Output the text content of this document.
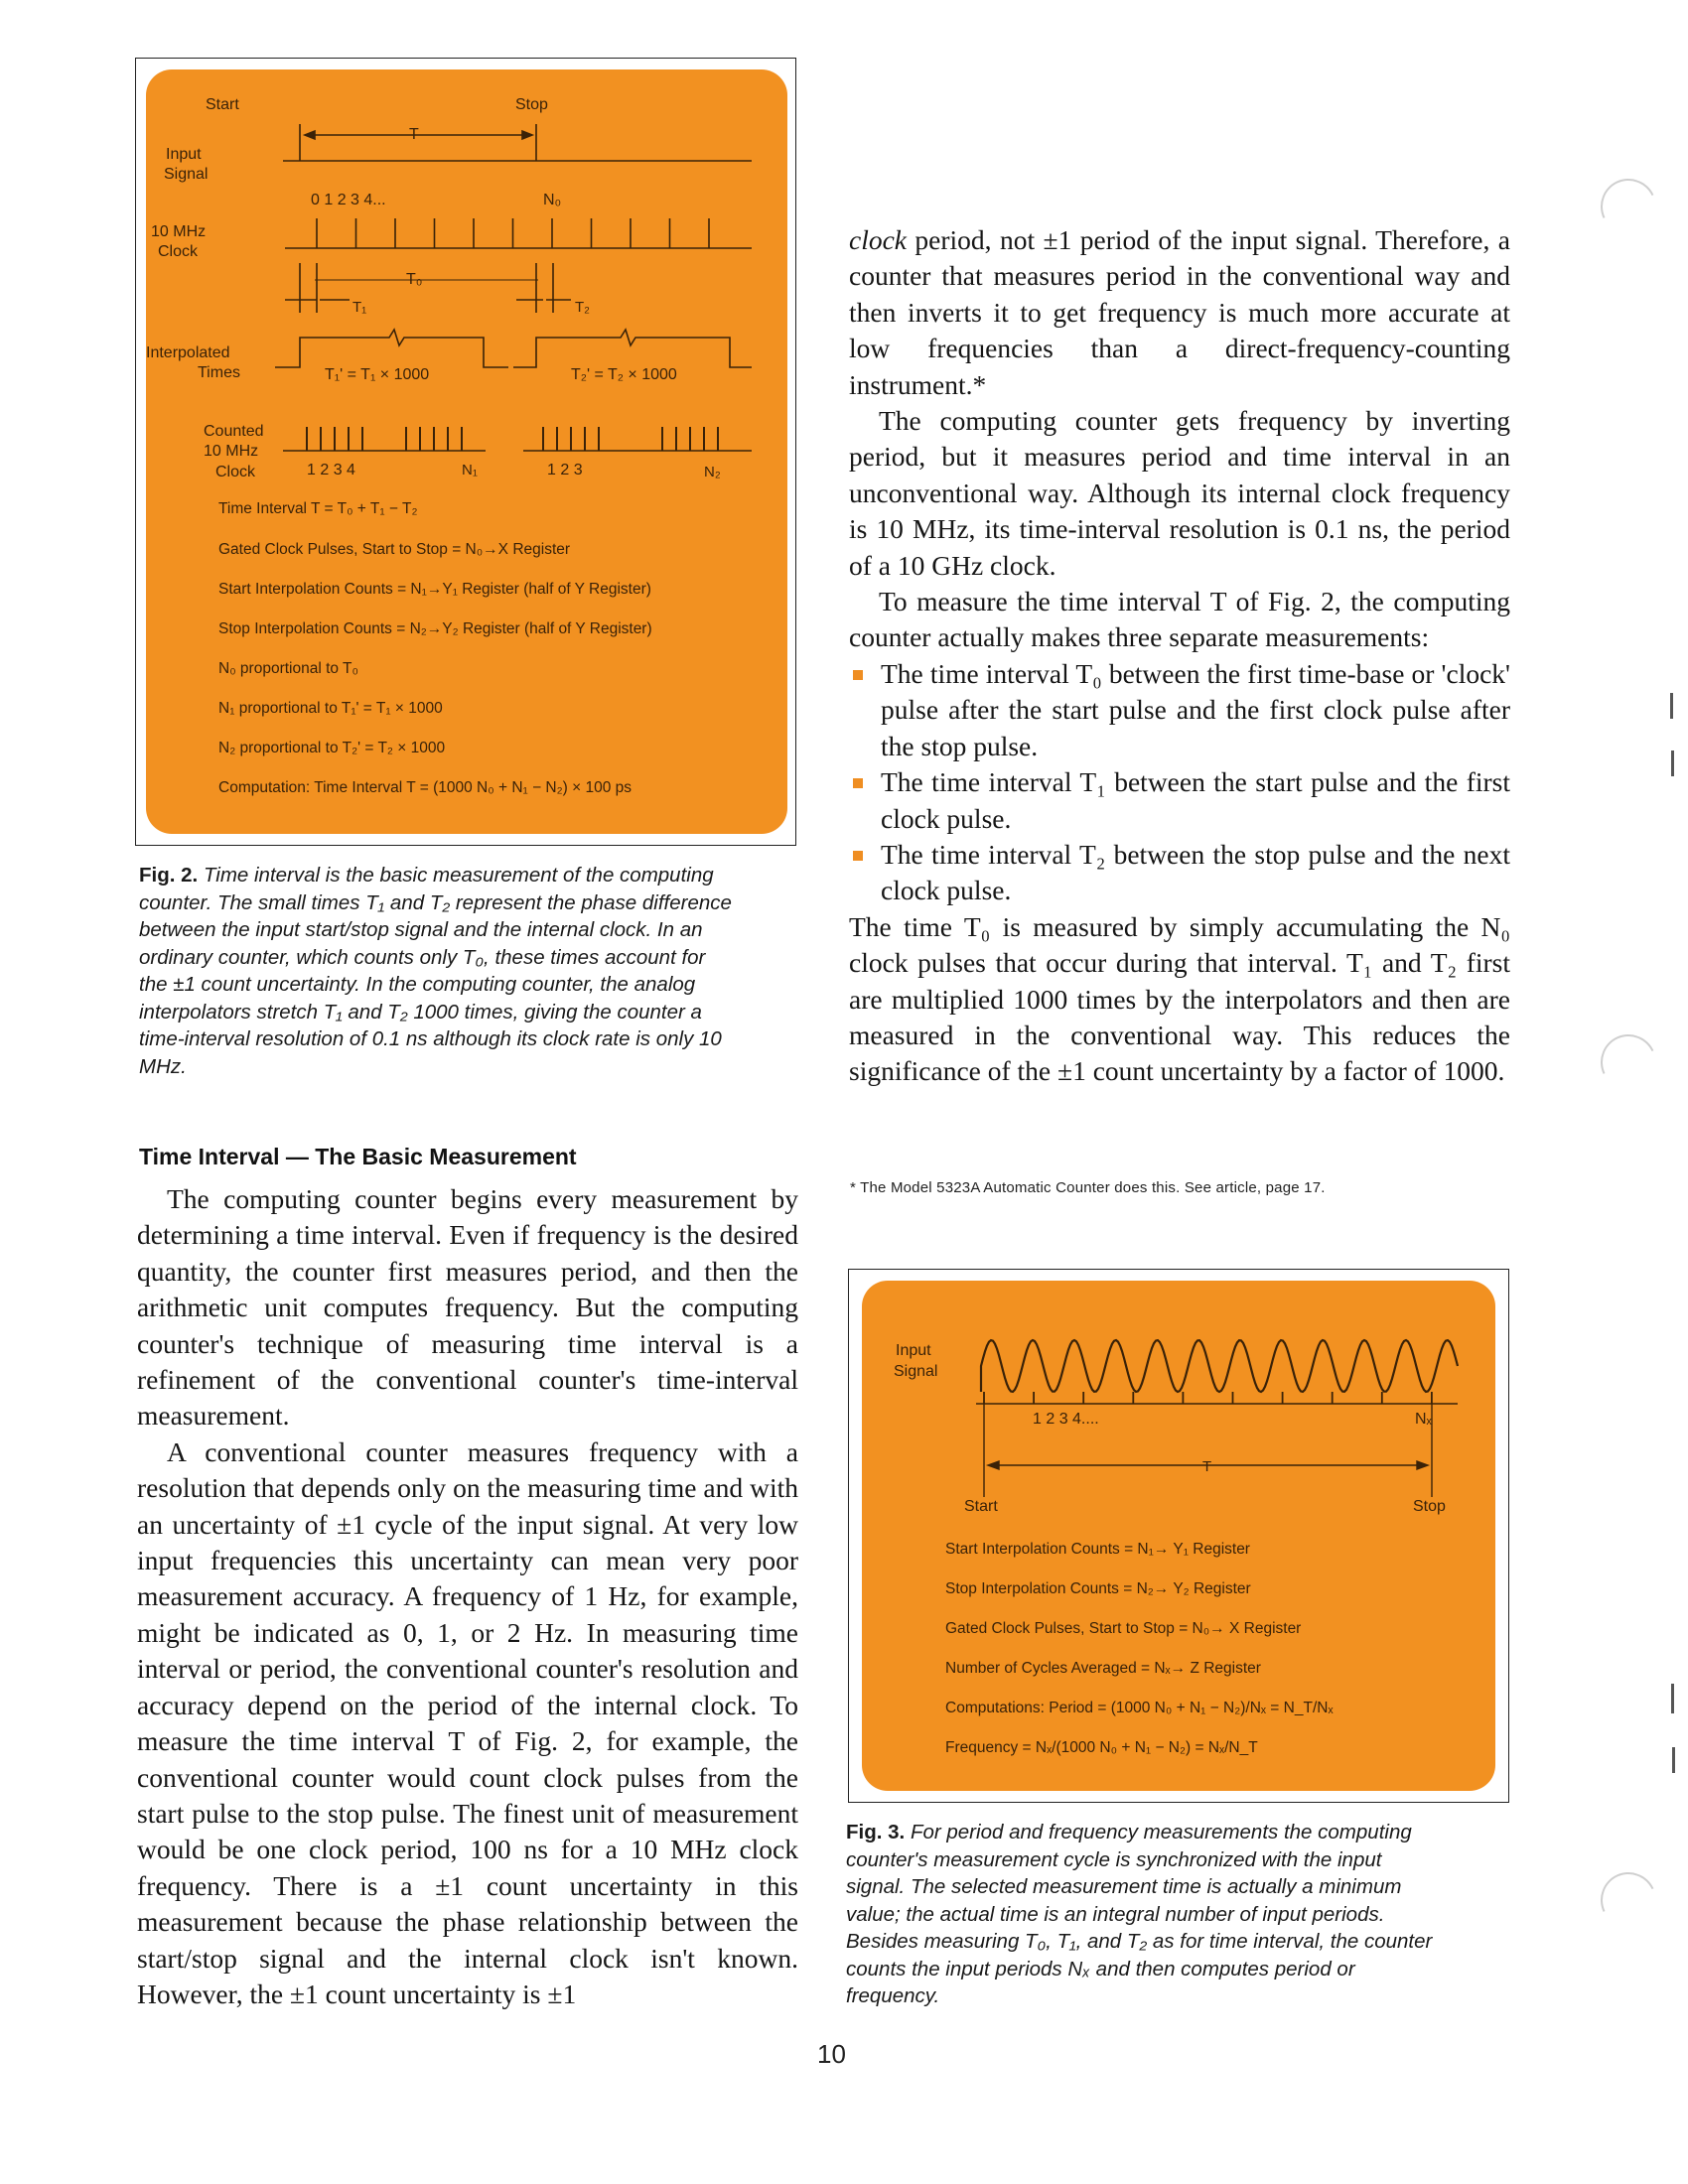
Start	Stop
T
Input
Signal
0 1 2 3 4...	N₀
10 MHz
Clock
T₀
T₁	T₂
Interpolated
Times	T₁' = T₁ × 1000	T₂' = T₂ × 1000
Counted
10 MHz
Clock	1 2 3 4	N₁	1 2 3	N₂
Time Interval T = T₀ + T₁ − T₂
Gated Clock Pulses, Start to Stop = N₀→X Register
Start Interpolation Counts = N₁→Y₁ Register (half of Y Register)
Stop Interpolation Counts = N₂→Y₂ Register (half of Y Register)
N₀ proportional to T₀
N₁ proportional to T₁' = T₁ × 1000
N₂ proportional to T₂' = T₂ × 1000
Computation: Time Interval T = (1000 N₀ + N₁ − N₂) × 100 ps
Fig. 2. Time interval is the basic measurement of the computing counter. The small times T₁ and T₂ represent the phase difference between the input start/stop signal and the internal clock. In an ordinary counter, which counts only T₀, these times account for the ±1 count uncertainty. In the computing counter, the analog interpolators stretch T₁ and T₂ 1000 times, giving the counter a time-interval resolution of 0.1 ns although its clock rate is only 10 MHz.
Time Interval — The Basic Measurement

The computing counter begins every measurement by determining a time interval. Even if frequency is the desired quantity, the counter first measures period, and then the arithmetic unit computes frequency. But the computing counter's technique of measuring time interval is a refinement of the conventional counter's time-interval measurement.

A conventional counter measures frequency with a resolution that depends only on the measuring time and with an uncertainty of ±1 cycle of the input signal. At very low input frequencies this uncertainty can mean very poor measurement accuracy. A frequency of 1 Hz, for example, might be indicated as 0, 1, or 2 Hz. In measuring time interval or period, the conventional counter's resolution and accuracy depend on the period of the internal clock. To measure the time interval T of Fig. 2, for example, the conventional counter would count clock pulses from the start pulse to the stop pulse. The finest unit of measurement would be one clock period, 100 ns for a 10 MHz clock frequency. There is a ±1 count uncertainty in this measurement because the phase relationship between the start/stop signal and the internal clock isn't known. However, the ±1 count uncertainty is ±1

clock period, not ±1 period of the input signal. Therefore, a counter that measures period in the conventional way and then inverts it to get frequency is much more accurate at low frequencies than a direct-frequency-counting instrument.*

The computing counter gets frequency by inverting period, but it measures period and time interval in an unconventional way. Although its internal clock frequency is 10 MHz, its time-interval resolution is 0.1 ns, the period of a 10 GHz clock.

To measure the time interval T of Fig. 2, the computing counter actually makes three separate measurements:

The time interval T₀ between the first time-base or 'clock' pulse after the start pulse and the first clock pulse after the stop pulse.
The time interval T₁ between the start pulse and the first clock pulse.
The time interval T₂ between the stop pulse and the next clock pulse.

The time T₀ is measured by simply accumulating the N₀ clock pulses that occur during that interval. T₁ and T₂ first are multiplied 1000 times by the interpolators and then are measured in the conventional way. This reduces the significance of the ±1 count uncertainty by a factor of 1000.

* The Model 5323A Automatic Counter does this. See article, page 17.
Input
Signal
1 2 3 4....	Nₓ
T
Start	Stop
Start Interpolation Counts = N₁→ Y₁ Register
Stop Interpolation Counts = N₂→ Y₂ Register
Gated Clock Pulses, Start to Stop = N₀→ X Register
Number of Cycles Averaged = Nₓ→ Z Register
Computations: Period = (1000 N₀ + N₁ − N₂)/Nₓ = N_T/Nₓ
Frequency = Nₓ/(1000 N₀ + N₁ − N₂) = Nₓ/N_T
Fig. 3. For period and frequency measurements the computing counter's measurement cycle is synchronized with the input signal. The selected measurement time is actually a minimum value; the actual time is an integral number of input periods. Besides measuring T₀, T₁, and T₂ as for time interval, the counter counts the input periods Nₓ and then computes period or frequency.
10
